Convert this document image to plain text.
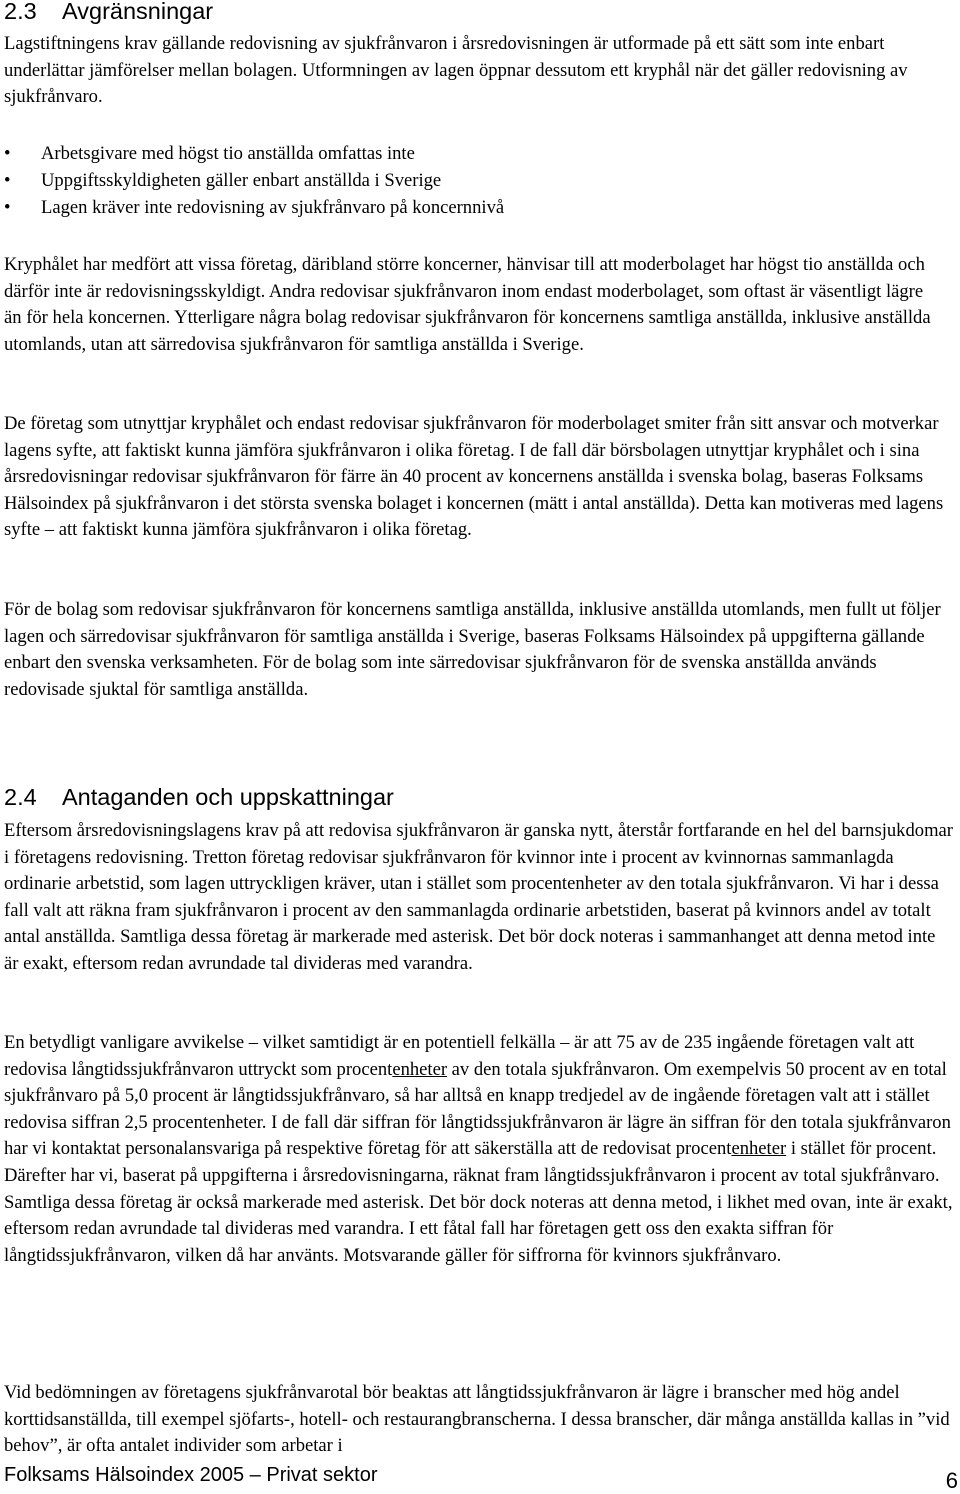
2.3 Avgränsningar

Lagstiftningens krav gällande redovisning av sjukfrånvaron i årsredovisningen är utformade på ett sätt som inte enbart underlättar jämförelser mellan bolagen. Utformningen av lagen öppnar dessutom ett kryphål när det gäller redovisning av sjukfrånvaro.

• Arbetsgivare med högst tio anställda omfattas inte
• Uppgiftsskyldigheten gäller enbart anställda i Sverige
• Lagen kräver inte redovisning av sjukfrånvaro på koncernnivå

Kryphålet har medfört att vissa företag, däribland större koncerner, hänvisar till att moderbolaget har högst tio anställda och därför inte är redovisningsskyldigt. Andra redovisar sjukfrånvaron inom endast moderbolaget, som oftast är väsentligt lägre än för hela koncernen. Ytterligare några bolag redovisar sjukfrånvaron för koncernens samtliga anställda, inklusive anställda utomlands, utan att särredovisa sjukfrånvaron för samtliga anställda i Sverige.

De företag som utnyttjar kryphålet och endast redovisar sjukfrånvaron för moderbolaget smiter från sitt ansvar och motverkar lagens syfte, att faktiskt kunna jämföra sjukfrånvaron i olika företag. I de fall där börsbolagen utnyttjar kryphålet och i sina årsredovisningar redovisar sjukfrånvaron för färre än 40 procent av koncernens anställda i svenska bolag, baseras Folksams Hälsoindex på sjukfrånvaron i det största svenska bolaget i koncernen (mätt i antal anställda). Detta kan motiveras med lagens syfte – att faktiskt kunna jämföra sjukfrånvaron i olika företag.

För de bolag som redovisar sjukfrånvaron för koncernens samtliga anställda, inklusive anställda utomlands, men fullt ut följer lagen och särredovisar sjukfrånvaron för samtliga anställda i Sverige, baseras Folksams Hälsoindex på uppgifterna gällande enbart den svenska verksamheten. För de bolag som inte särredovisar sjukfrånvaron för de svenska anställda används redovisade sjuktal för samtliga anställda.

2.4 Antaganden och uppskattningar

Eftersom årsredovisningslagens krav på att redovisa sjukfrånvaron är ganska nytt, återstår fortfarande en hel del barnsjukdomar i företagens redovisning. Tretton företag redovisar sjukfrånvaron för kvinnor inte i procent av kvinnornas sammanlagda ordinarie arbetstid, som lagen uttryckligen kräver, utan i stället som procentenheter av den totala sjukfrånvaron. Vi har i dessa fall valt att räkna fram sjukfrånvaron i procent av den sammanlagda ordinarie arbetstiden, baserat på kvinnors andel av totalt antal anställda. Samtliga dessa företag är markerade med asterisk. Det bör dock noteras i sammanhanget att denna metod inte är exakt, eftersom redan avrundade tal divideras med varandra.

En betydligt vanligare avvikelse – vilket samtidigt är en potentiell felkälla – är att 75 av de 235 ingående företagen valt att redovisa långtidssjukfrånvaron uttryckt som procentenheter av den totala sjukfrånvaron. Om exempelvis 50 procent av en total sjukfrånvaro på 5,0 procent är långtidssjukfrånvaro, så har alltså en knapp tredjedel av de ingående företagen valt att i stället redovisa siffran 2,5 procentenheter. I de fall där siffran för långtidssjukfrånvaron är lägre än siffran för den totala sjukfrånvaron har vi kontaktat personalansvariga på respektive företag för att säkerställa att de redovisat procentenheter i stället för procent. Därefter har vi, baserat på uppgifterna i årsredovisningarna, räknat fram långtidssjukfrånvaron i procent av total sjukfrånvaro. Samtliga dessa företag är också markerade med asterisk. Det bör dock noteras att denna metod, i likhet med ovan, inte är exakt, eftersom redan avrundade tal divideras med varandra. I ett fåtal fall har företagen gett oss den exakta siffran för långtidssjukfrånvaron, vilken då har använts. Motsvarande gäller för siffrorna för kvinnors sjukfrånvaro.

Vid bedömningen av företagens sjukfrånvarotal bör beaktas att långtidssjukfrånvaron är lägre i branscher med hög andel korttidsanställda, till exempel sjöfarts-, hotell- och restaurangbranscherna. I dessa branscher, där många anställda kallas in ”vid behov”, är ofta antalet individer som arbetar i

Folksams Hälsoindex 2005 – Privat sektor	6
